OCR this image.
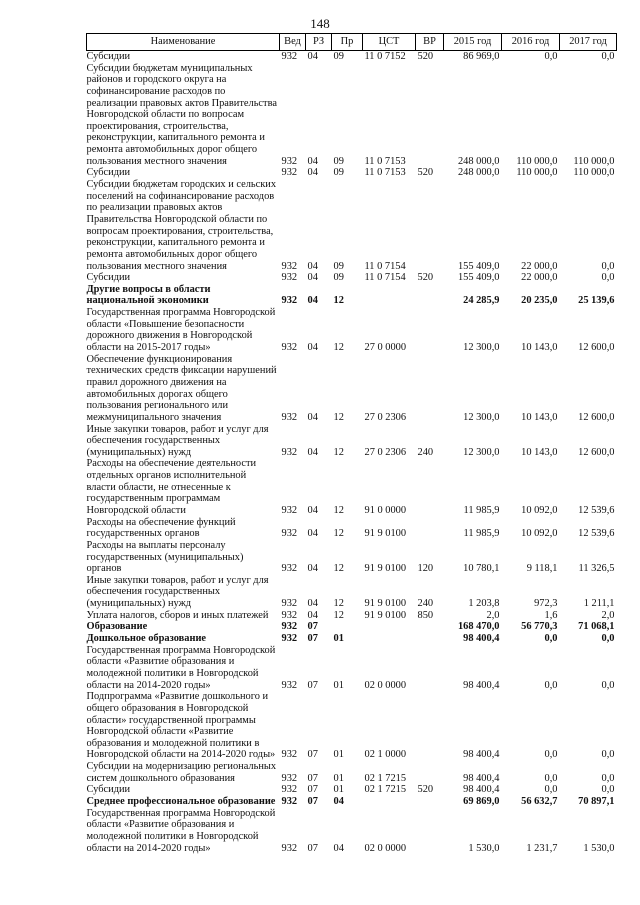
148
Наименование	Вед	РЗ	Пр	ЦСТ	ВР	2015 год	2016 год	2017 год
Субсидии	932	04	09	11 0 7152	520	86 969,0	0,0	0,0
Субсидии бюджетам муниципальных районов и городского округа на софинансирование расходов по реализации правовых актов Правительства Новгородской области по вопросам проектирования, строительства, реконструкции, капитального ремонта и ремонта автомобильных дорог общего пользования местного значения	932	04	09	11 0 7153		248 000,0	110 000,0	110 000,0
Субсидии	932	04	09	11 0 7153	520	248 000,0	110 000,0	110 000,0
Субсидии бюджетам городских и сельских поселений на софинансирование расходов по реализации правовых актов Правительства Новгородской области по вопросам проектирования, строительства, реконструкции, капитального ремонта и ремонта автомобильных дорог общего пользования местного значения	932	04	09	11 0 7154		155 409,0	22 000,0	0,0
Субсидии	932	04	09	11 0 7154	520	155 409,0	22 000,0	0,0
Другие вопросы в области национальной экономики	932	04	12			24 285,9	20 235,0	25 139,6
Государственная программа Новгородской области «Повышение безопасности дорожного движения в Новгородской области на 2015-2017 годы»	932	04	12	27 0 0000		12 300,0	10 143,0	12 600,0
Обеспечение функционирования технических средств фиксации нарушений правил дорожного движения на автомобильных дорогах общего пользования регионального или межмуниципального значения	932	04	12	27 0 2306		12 300,0	10 143,0	12 600,0
Иные закупки товаров, работ и услуг для обеспечения государственных (муниципальных) нужд	932	04	12	27 0 2306	240	12 300,0	10 143,0	12 600,0
Расходы на обеспечение деятельности отдельных органов исполнительной власти области, не отнесенные к государственным программам Новгородской области	932	04	12	91 0 0000		11 985,9	10 092,0	12 539,6
Расходы на обеспечение функций государственных органов	932	04	12	91 9 0100		11 985,9	10 092,0	12 539,6
Расходы на выплаты персоналу государственных (муниципальных) органов	932	04	12	91 9 0100	120	10 780,1	9 118,1	11 326,5
Иные закупки товаров, работ и услуг для обеспечения государственных (муниципальных) нужд	932	04	12	91 9 0100	240	1 203,8	972,3	1 211,1
Уплата налогов, сборов и иных платежей	932	04	12	91 9 0100	850	2,0	1,6	2,0
Образование	932	07				168 470,0	56 770,3	71 068,1
Дошкольное образование	932	07	01			98 400,4	0,0	0,0
Государственная программа Новгородской области «Развитие образования и молодежной политики в Новгородской области на 2014-2020 годы»	932	07	01	02 0 0000		98 400,4	0,0	0,0
Подпрограмма «Развитие дошкольного и общего образования в Новгородской области» государственной программы Новгородской области «Развитие образования и молодежной политики в Новгородской области на 2014-2020 годы»	932	07	01	02 1 0000		98 400,4	0,0	0,0
Субсидии на модернизацию региональных систем дошкольного образования	932	07	01	02 1 7215		98 400,4	0,0	0,0
Субсидии	932	07	01	02 1 7215	520	98 400,4	0,0	0,0
Среднее профессиональное образование	932	07	04			69 869,0	56 632,7	70 897,1
Государственная программа Новгородской области «Развитие образования и молодежной политики в Новгородской области на 2014-2020 годы»	932	07	04	02 0 0000		1 530,0	1 231,7	1 530,0
